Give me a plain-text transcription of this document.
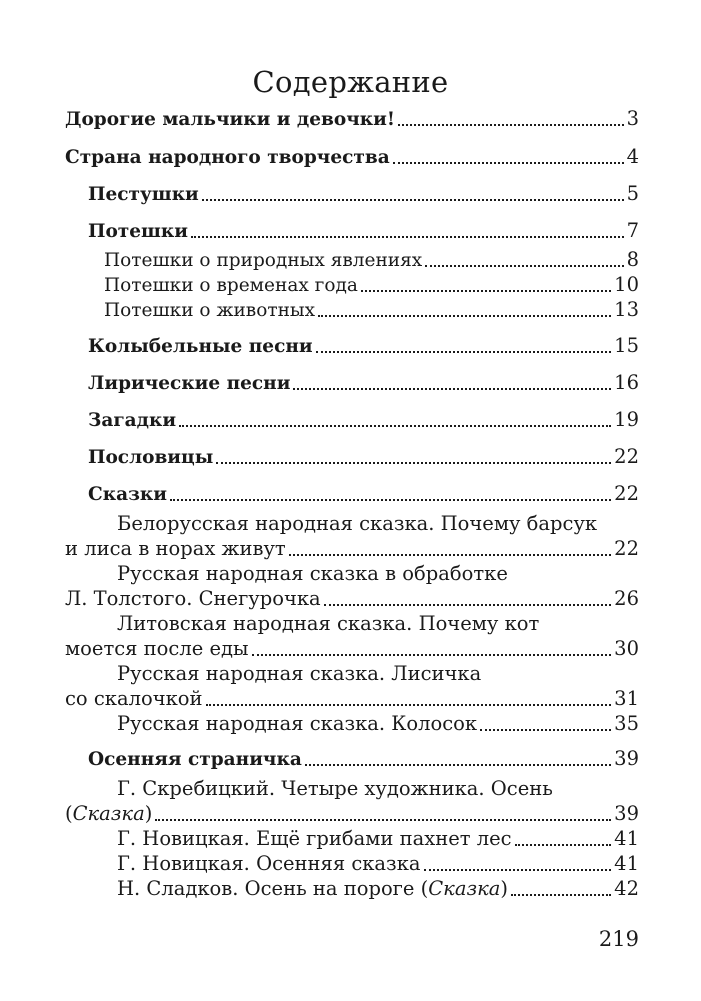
Содержание
Дорогие мальчики и девочки!	3
Страна народного творчества	4
Пестушки	5
Потешки	7
Потешки о природных явлениях	8
Потешки о временах года	10
Потешки о животных	13
Колыбельные песни	15
Лирические песни	16
Загадки	19
Пословицы	22
Сказки	22
Белорусская народная сказка. Почему барсук
и лиса в норах живут	22
Русская народная сказка в обработке
Л. Толстого. Снегурочка	26
Литовская народная сказка. Почему кот
моется после еды	30
Русская народная сказка. Лисичка
со скалочкой	31
Русская народная сказка. Колосок	35
Осенняя страничка	39
Г. Скребицкий. Четыре художника. Осень
(Сказка)	39
Г. Новицкая. Ещё грибами пахнет лес	41
Г. Новицкая. Осенняя сказка	41
Н. Сладков. Осень на пороге (Сказка)	42
219
